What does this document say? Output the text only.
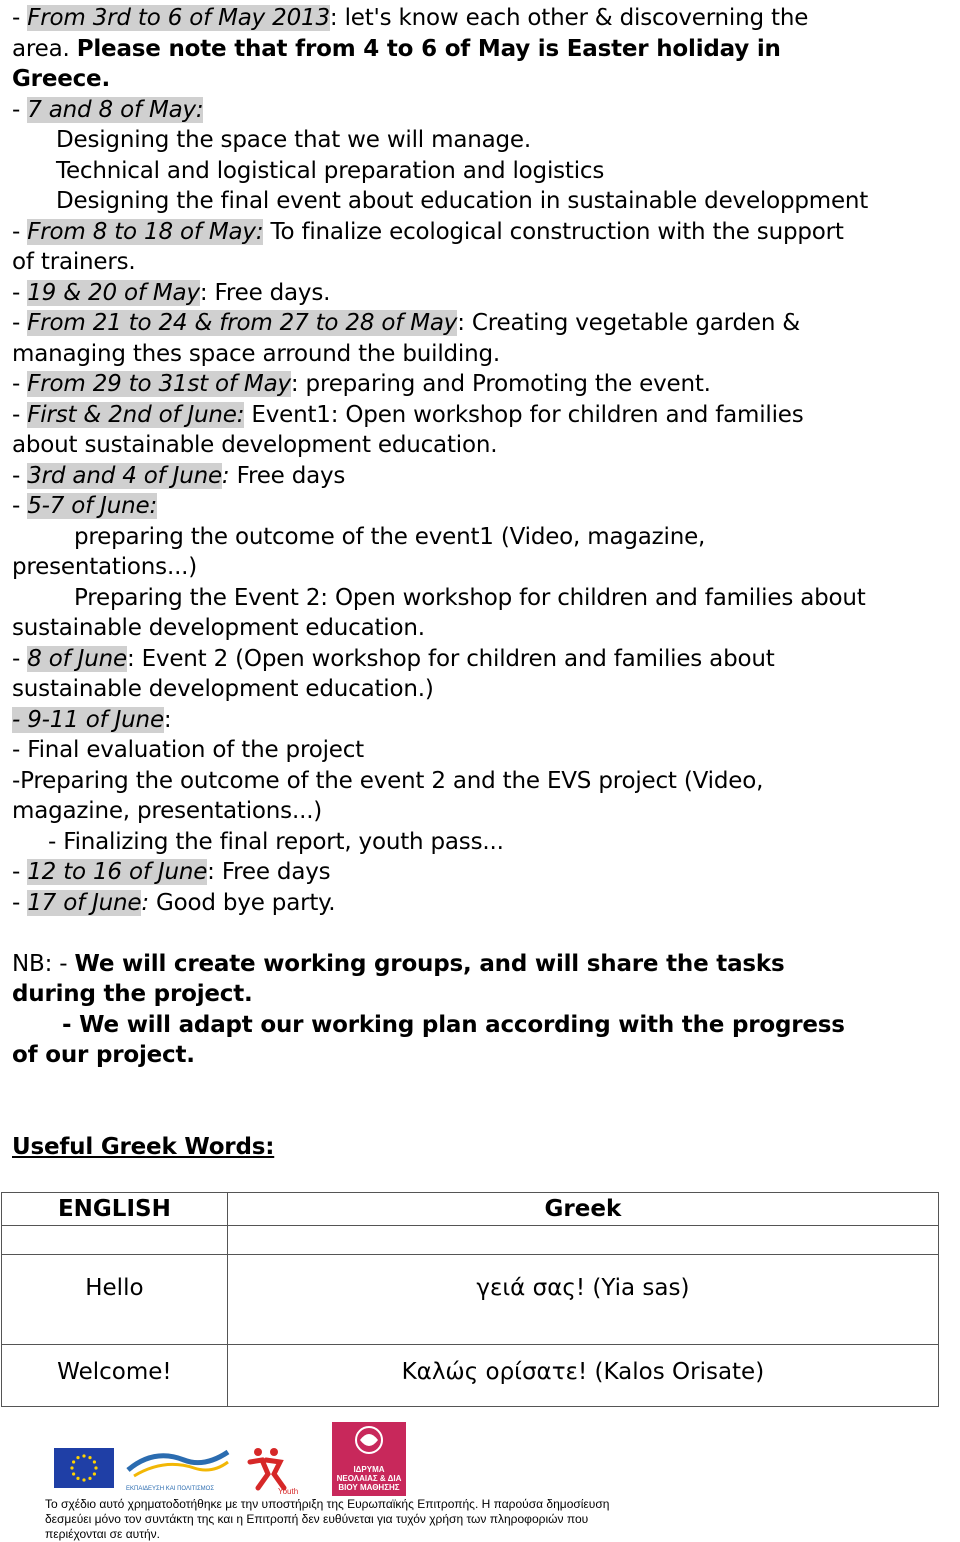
- From 3rd to 6 of May 2013: let's know each other & discoverning the
area. Please note that from 4 to 6 of May is Easter holiday in
Greece.
- 7 and 8 of May:
Designing the space that we will manage.
Technical and logistical preparation and logistics
Designing the final event about education in sustainable developpment
- From 8 to 18 of May: To finalize ecological construction with the support
of trainers.
- 19 & 20 of May: Free days.
- From 21 to 24 & from 27 to 28 of May: Creating vegetable garden &
managing thes space arround the building.
- From 29 to 31st of May: preparing and Promoting the event.
- First & 2nd of June: Event1: Open workshop for children and families
about sustainable development education.
- 3rd and 4 of June: Free days
- 5-7 of June:
preparing the outcome of the event1 (Video, magazine,
presentations...)
Preparing the Event 2: Open workshop for children and families about
sustainable development education.
- 8 of June: Event 2 (Open workshop for children and families about
sustainable development education.)
- 9-11 of June:
- Final evaluation of the project
-Preparing the outcome of the event 2 and the EVS project (Video,
magazine, presentations...)
- Finalizing the final report, youth pass...
- 12 to 16 of June: Free days
- 17 of June: Good bye party.
NB: - We will create working groups, and will share the tasks
during the project.
- We will adapt our working plan according with the progress
of our project.
Useful Greek Words:
ENGLISH	Greek

Hello	γειά σας! (Yia sas)
Welcome!	Καλώς ορίσατε! (Kalos Orisate)
ΕΚΠΑΙΔΕΥΣΗ ΚΑΙ ΠΟΛΙΤΙΣΜΟΣ	Youth
ΙΔΡΥΜΑ ΝΕΟΛΑΙΑΣ & ΔΙΑ ΒΙΟΥ ΜΑΘΗΣΗΣ
Το σχέδιο αυτό χρηματοδοτήθηκε με την υποστήριξη της Ευρωπαϊκής Επιτροπής. Η παρούσα δημοσίευση
δεσμεύει μόνο τον συντάκτη της και η Επιτροπή δεν ευθύνεται για τυχόν χρήση των πληροφοριών που
περιέχονται σε αυτήν.
